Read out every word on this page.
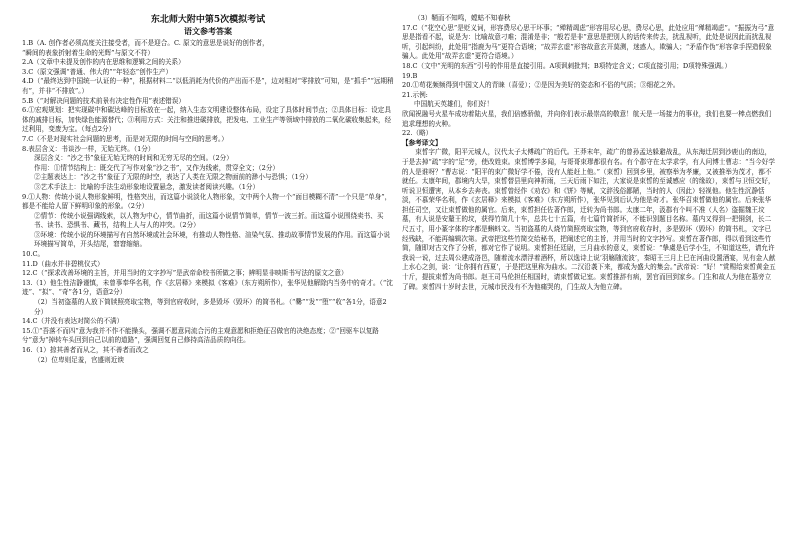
东北师大附中第5次模拟考试
语文参考答案
1.B（A. 创作者必须高度关注接受者，而不是迎合。C. 原文的意思是说好的创作者，
“瞬间的表象折射着生命的光辉”与原文不符）
2.A（文章中未提及创作的内在思维和逻辑之间的关系）
3.C（原文强调“普通、伟大的”“年轻态”创作生产）
4.D（“最终达到中国统一认证的一种”，根据材料二“以低消耗为代价的产出而不是”，边对相对“零排放”可知，是“抓手”“远期稍有”，并非“不排放”。）
5.B（“对解决问题的技术前景有决定性作用”表述错误）
6.①宏观规划：把实现碳中和碳达峰的目标放在一起，纳入生态文明建设整体布局，设定了具体时间节点；②具体目标：设定具体的减排目标，加快绿色能源替代；③利用方式：关注和推进碳排放，把发电、工业生产等领域中排放的二氧化碳收集起来，经过利用，变废为宝。（每点2分）
7.C（不是对现实社会问题的思考，而是对无限的时间与空间的思考。）
8.表层含义：书谈沙一样，无始无终。（1分）
深层含义：“沙之书”象征无始无终的时间和无穷无尽的空间。（2分）
作用：①情节结构上：既交代了写作对象“沙之书”，又作为线索，贯穿全文；（2分）
②主题表达上：“沙之书”象征了无限的时空，表达了人类在无限之物面前的渺小与恐惧；（1分）
③艺术手法上：比喻的手法生动形象地设置悬念，激发读者阅读兴趣。（1分）
9.①人物：传统小说人物形象鲜明，性格突出，而这篇小说淡化人物形象，文中两个人物一个“面目模糊不清”一个只是“单身”，都是不能给人留下鲜明印象的形象。（2分）
②情节：传统小说强调线索，以人物为中心，情节曲折，而这篇小说情节简单，情节一波三折。而这篇小说围绕卖书、买书、读书、恐惧书、藏书，结构上人与人的冲突。（2分）
③环境：传统小说的环境描写有自然环境或社会环境，有推动人物性格、渲染气氛、推动故事情节发展的作用。而这篇小说环境描写简单，开头结尾，窘窘缩缩。
10.C。
11.D（曲水并非碧桃仪式）
12.C（“探求改善环境的主旨，并用当时的文字抄写”是武帝命校书所做之事；辨明显非映斯书写法的原文之意）
13.（1）他生性洁静谨慎，未曾事奉华名利，作《玄居释》来模拟《客难》（东方朔所作），张华见他解除内当务中的奇才。（“沈迹”、“拟”、“奇”各1分，语意2分）
（2）当初盗墓的人放下简牍照亮取宝物，等到官府收时，多是毁坏（毁坏）的简书札。（“爨”“发”“堕”“收”各1分，语意2分）
14.C（并没有表达对简公的不满）
15.①“吾落不而四”意为我并不作不能操头，强调不愿意同流合污的主观意愿和拒绝征召做官的决绝态度；②“回驱车以复路兮”意为“掉转车头回到自己以前的道路”，强调回复自己修持高洁品质的向往。
16.（1）掠其善者而从之，其不善者而改之
（2）位卑则足羞，官盛则近谀
（3）鞘而不知鸣，螳蛄不知春秋
17.C（“花空心思”是贬义词，形容费尽心思干坏事；“殚精竭虑”形容用尽心思，费尽心思，此处应用“殚精竭虑”。“振振为弓”意思是指看不起，说是为：比喻故意刁难；混淆是非；“般若是非”意思是把别人的话传来传去，扰乱视听，此处是说因此而扰乱视听，引起纠纷，此处用“指鹿为马”更符合语境；“故弄玄虚”形容故意玄开莫测，迷惑人，欺骗人；“矛盾作伪”形容拿手捏造假象骗人。此处用“故弄玄虚”更符合语境。）
18.C（文中“光明的东西”引号的作用是直接引用。A项讽刺批判；B项特定含义；C项直接引用；D项特殊强调。）
19.B
20.①苟花频频得到中国文人的青睐（喜爱）；②是因为美好的姿态和不俗的气质；③细花之外。
21.示例:
中国航天英雄们，你们好！
欣闻祝融号火星车成功着陆火星，我们倍感骄傲，并向你们表示最崇高的敬意！航天是一场接力的事业，我们也要一棒点燃我们追求理想的火种。
22.（略）
【参考译文】
束皙字广微，阳平元城人，汉代太子太傅疏广的后代。王莽末年，疏广的曾孙孟达躲避战乱，从东海迁居到沙鹿山的南边，于是去掉“疏”字的“足”旁，使改姓束。束皙博学多闻，与哥哥束璆都很有名。有个郡守在太学求学，有人问博士曹志：“当今好学的人是谁呀？”曹志说：“阳平的束广微好学不倦，没有人能赶上他。”（束皙）回到乡里，被察举为孝廉，又被推举为茂才，都不就任。太康年间，郡境内大旱，束皙替县里向神祈雨，三天后雨下如注，大家说是束皙的至诚感应（的缘故），束皙与卫恒交好，听说卫恒遭害，从本乡去奔丧。束皙曾经作《劝农》和《饼》等赋，文辞浅俗鄙陋，当时的人（因此）轻视他。他生性沉静恬淡，不慕荣华名利，作《玄居释》来模拟《客难》（东方朔所作），张华见到后认为他是奇才。张华召束皙做他的属官。后来张华担任司空，又让束皙做他的属官。后来，束皙担任佐著作郎，迁转为尚书郎。太康二年，汲郡有个叫不准（人名）盗掘魏王坟墓，有人说是安釐王的坟，获得竹简几十车，总共七十五篇，有七篇竹简折坏，不能识别题目名称。墓内又得到一把铜剑，长二尺五寸，用小篆字体的字都是蝌蚪文。当初盗墓的人烧竹简照亮取宝物，等到官府收存时，多是毁坏（毁坏）的简书札，文字已经残缺，不能再编辑次第。武帝把这些竹简交给秘书，把阐述它的主旨，并用当时的文字抄写。束皙在著作郎，得以看到这些竹简，随即对古文作了分析，都对它作了说明。束皙担任廷尉，三月曲水的意义，束皙说：“挚虞是后学小生，不知道这些，请允许我说一说，过去周公建成洛邑，随着流水漂浮着酒杯，所以逸诗上说‘羽觞随流波’，秦昭王三月上巳在河曲设置酒宴，见有金人献上水心之剑，说：‘让你拥有西夏’，于是把这里称为曲水。二汉沿袭下来，都成为盛大的集会。”武帝说：“好！”赏赐给束皙黄金五十斤，提拔束皙为尚书郎。赵王司马伦担任相国时，请束皙做记室。束皙推辞有病，罢官而回到家乡。门生和故人为他在墓旁立了碑。束皙四十岁时去世，元城市民没有不为他痛哭的，门生故人为他立碑。
